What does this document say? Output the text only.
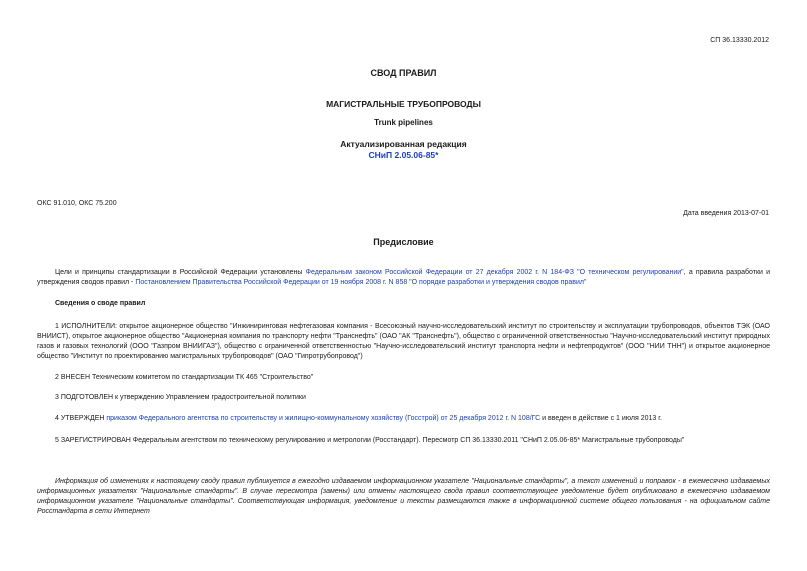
СП 36.13330.2012
СВОД ПРАВИЛ
МАГИСТРАЛЬНЫЕ ТРУБОПРОВОДЫ
Trunk pipelines
Актуализированная редакция
СНиП 2.05.06-85*
ОКС 91.010, ОКС 75.200
Дата введения 2013-07-01
Предисловие
Цели и принципы стандартизации в Российской Федерации установлены Федеральным законом Российской Федерации от 27 декабря 2002 г. N 184-ФЗ "О техническом регулировании", а правила разработки и утверждения сводов правил - Постановлением Правительства Российской Федерации от 19 ноября 2008 г. N 858 "О порядке разработки и утверждения сводов правил"
Сведения о своде правил
1 ИСПОЛНИТЕЛИ: открытое акционерное общество "Инжиниринговая нефтегазовая компания - Всесоюзный научно-исследовательский институт по строительству и эксплуатации трубопроводов, объектов ТЭК (ОАО ВНИИСТ), открытое акционерное общество "Акционерная компания по транспорту нефти "Транснефть" (ОАО "АК "Транснефть"), общество с ограниченной ответственностью "Научно-исследовательский институт природных газов и газовых технологий (ООО "Газпром ВНИИГАЗ"), общество с ограниченной ответственностью "Научно-исследовательский институт транспорта нефти и нефтепродуктов" (ООО "НИИ ТНН") и открытое акционерное общество "Институт по проектированию магистральных трубопроводов" (ОАО "Гипротрубопровод")
2 ВНЕСЕН Техническим комитетом по стандартизации ТК 465 "Строительство"
3 ПОДГОТОВЛЕН к утверждению Управлением градостроительной политики
4 УТВЕРЖДЕН приказом Федерального агентства по строительству и жилищно-коммунальному хозяйству (Госстрой) от 25 декабря 2012 г. N 108/ГС и введен в действие с 1 июля 2013 г.
5 ЗАРЕГИСТРИРОВАН Федеральным агентством по техническому регулированию и метрологии (Росстандарт). Пересмотр СП 36.13330.2011 "СНиП 2.05.06-85* Магистральные трубопроводы"
Информация об изменениях к настоящему своду правил публикуется в ежегодно издаваемом информационном указателе "Национальные стандарты", а текст изменений и поправок - в ежемесячно издаваемых информационных указателях "Национальные стандарты". В случае пересмотра (замены) или отмены настоящего свода правил соответствующее уведомление будет опубликовано в ежемесячно издаваемом информационном указателе "Национальные стандарты". Соответствующая информация, уведомление и тексты размещаются также в информационной системе общего пользования - на официальном сайте Росстандарта в сети Интернет
